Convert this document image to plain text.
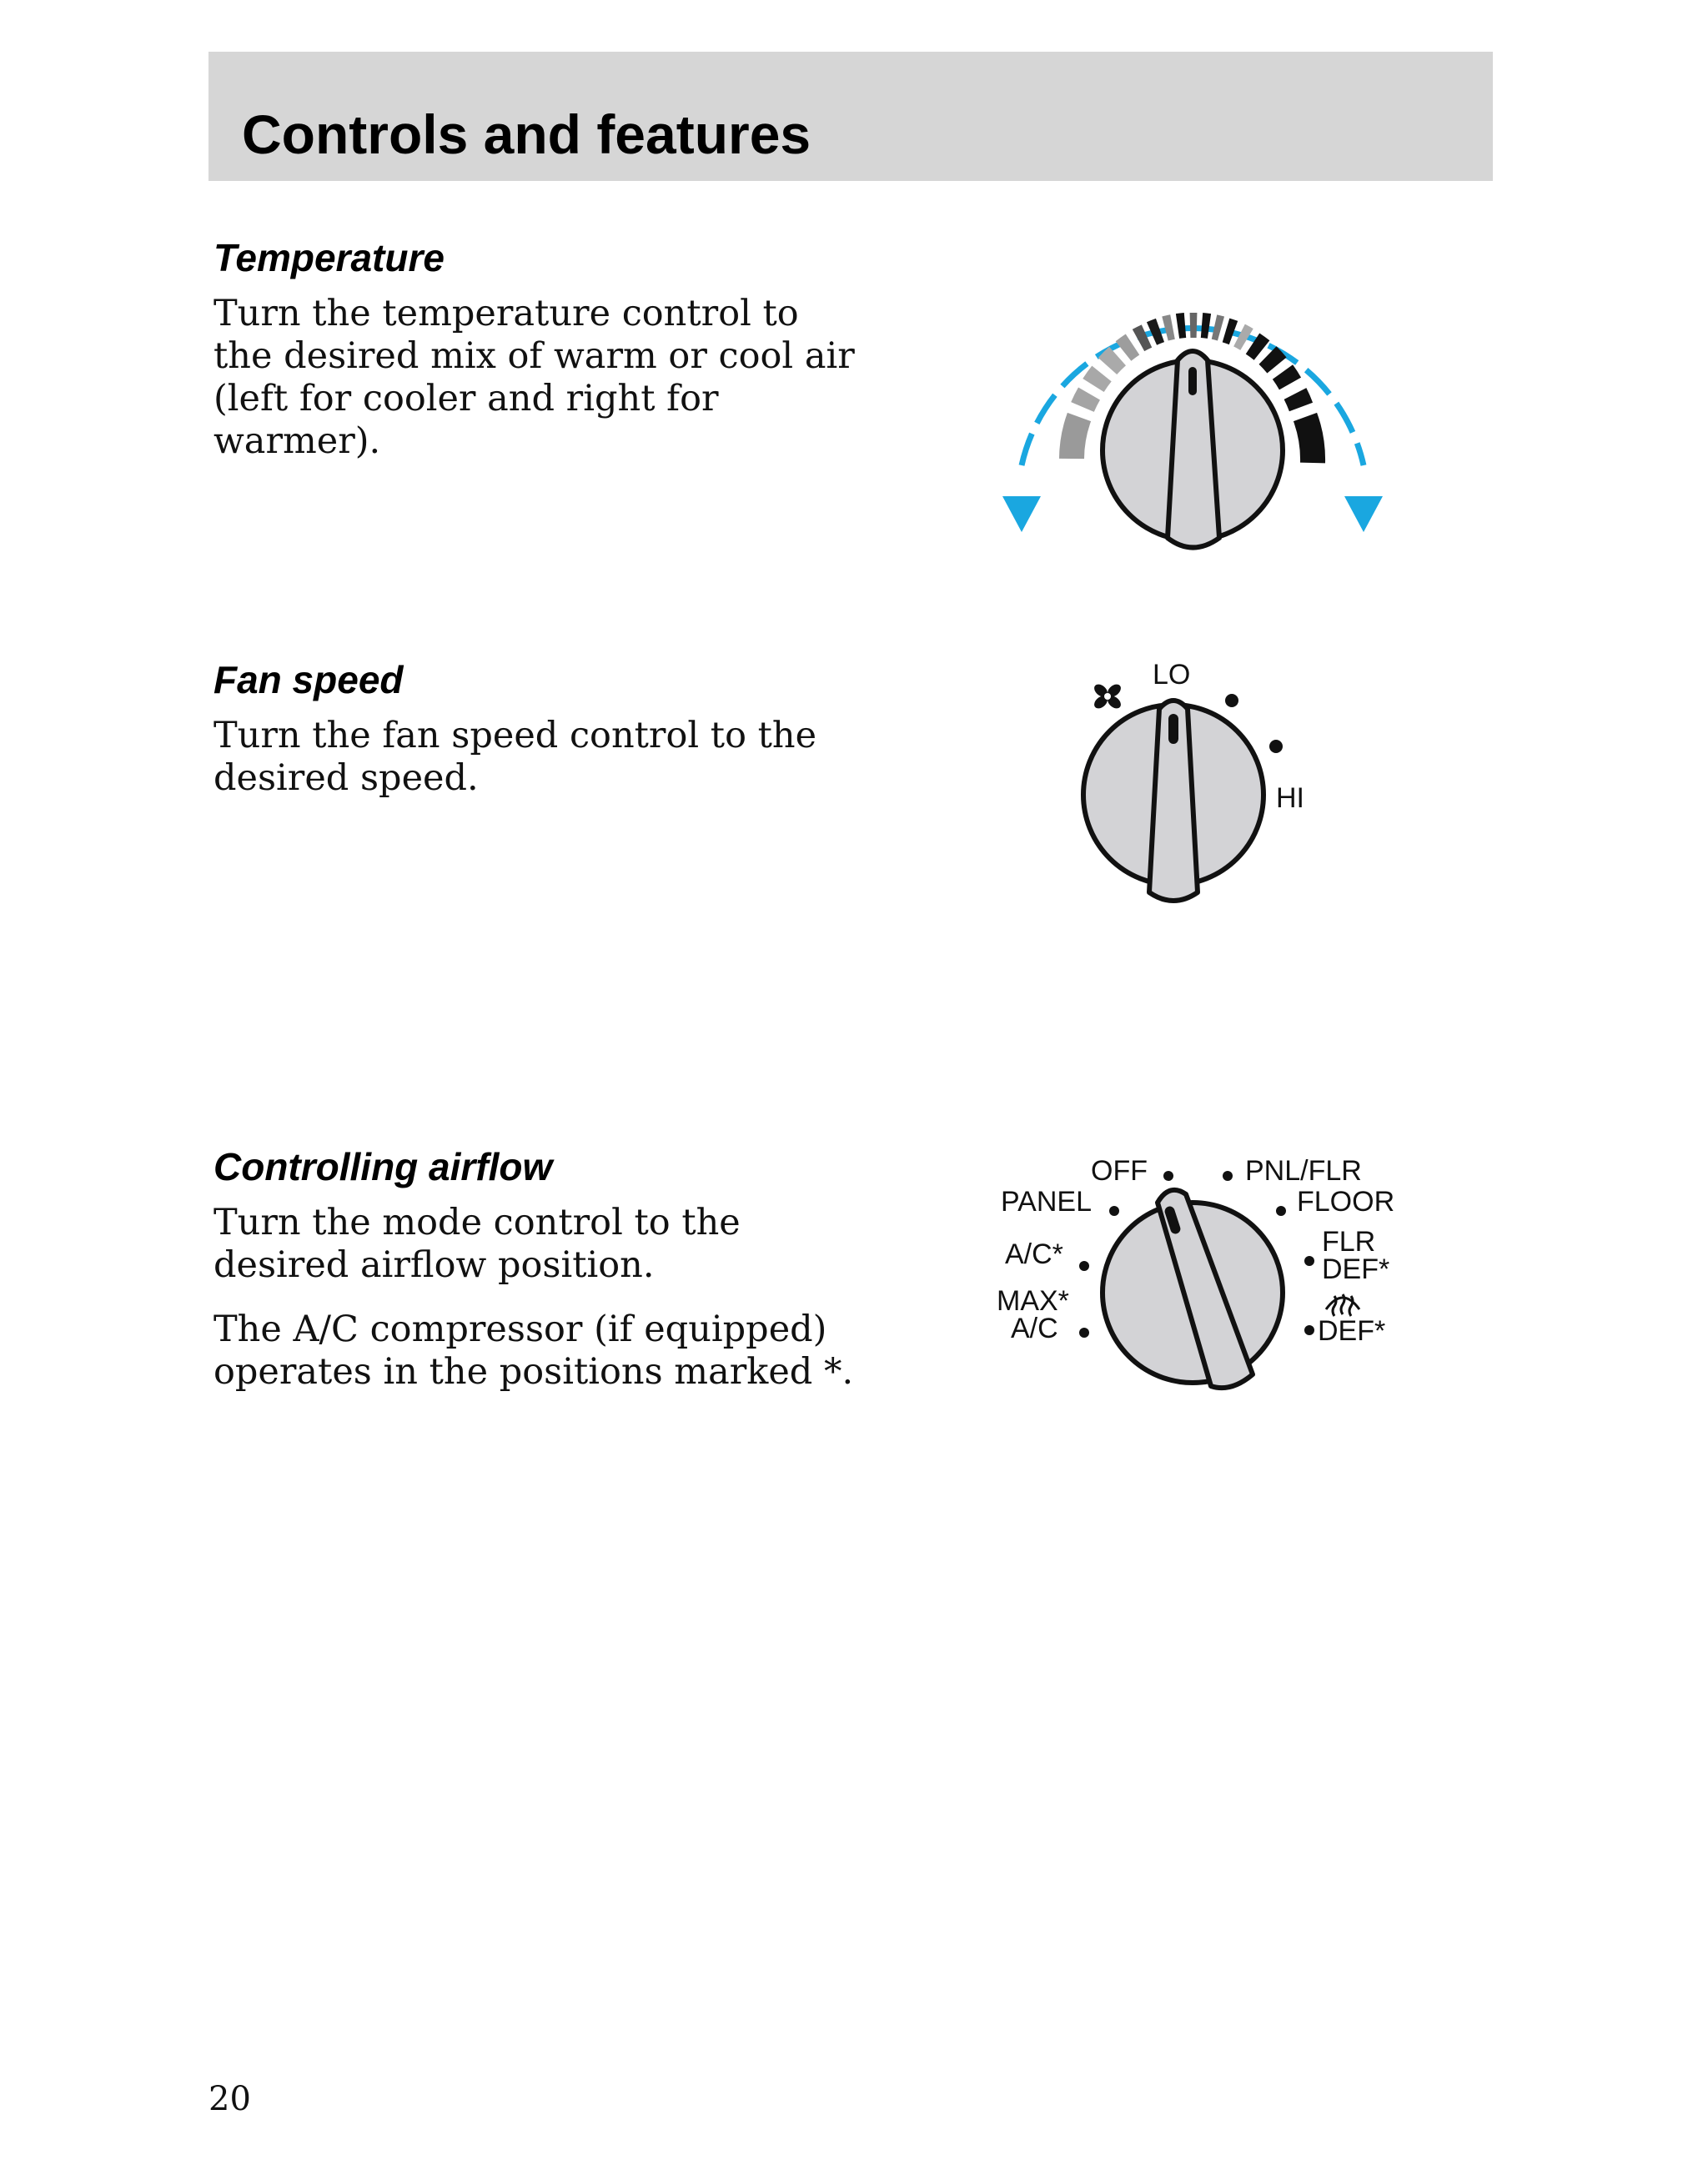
Controls and features
Temperature

Turn the temperature control to
the desired mix of warm or cool air
(left for cooler and right for
warmer).

Fan speed

Turn the fan speed control to the
desired speed.

LO
HI
Controlling airflow

Turn the mode control to the
desired airflow position.

The A/C compressor (if equipped)
operates in the positions marked *.

OFF
PANEL
A/C*
MAX*
A/C
PNL/FLR
FLOOR
FLR
DEF*
DEF*
20
